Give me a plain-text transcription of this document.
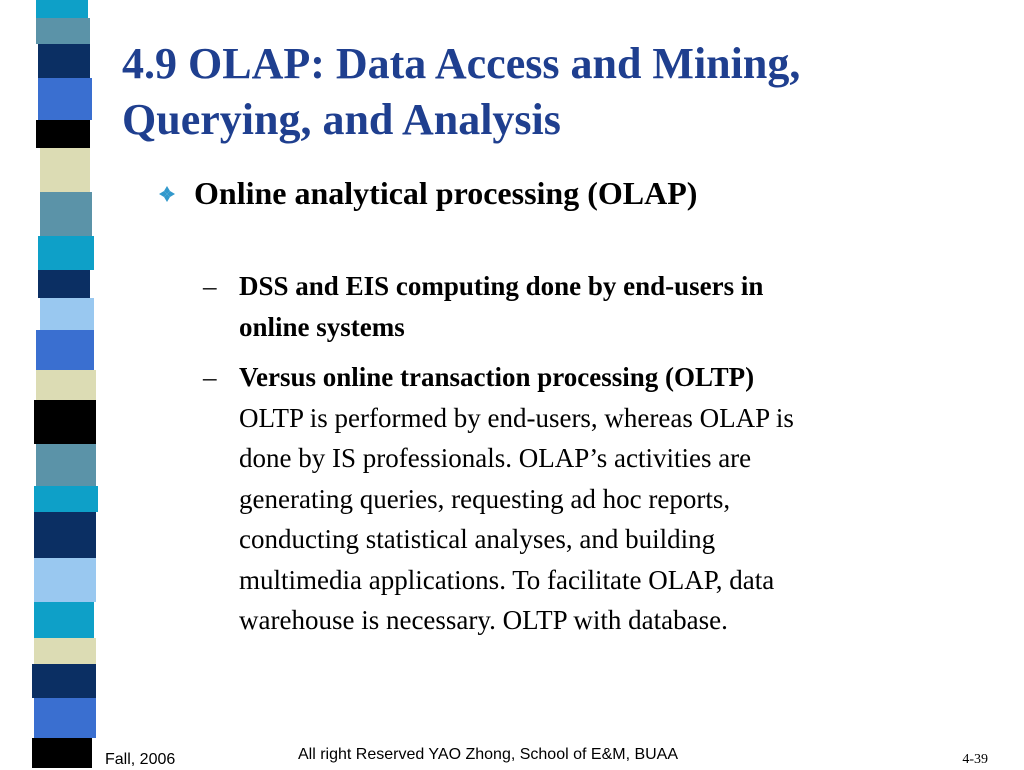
4.9 OLAP: Data Access and Mining,
Querying, and Analysis
Online analytical processing (OLAP)
– DSS and EIS computing done by end-users in
online systems
– Versus online transaction processing (OLTP)
OLTP is performed by end-users, whereas OLAP is
done by IS professionals. OLAP’s activities are
generating queries, requesting ad hoc reports,
conducting statistical analyses, and building
multimedia applications. To facilitate OLAP, data
warehouse is necessary. OLTP with database.
Fall, 2006	All right Reserved YAO Zhong, School of E&M, BUAA	4-39
